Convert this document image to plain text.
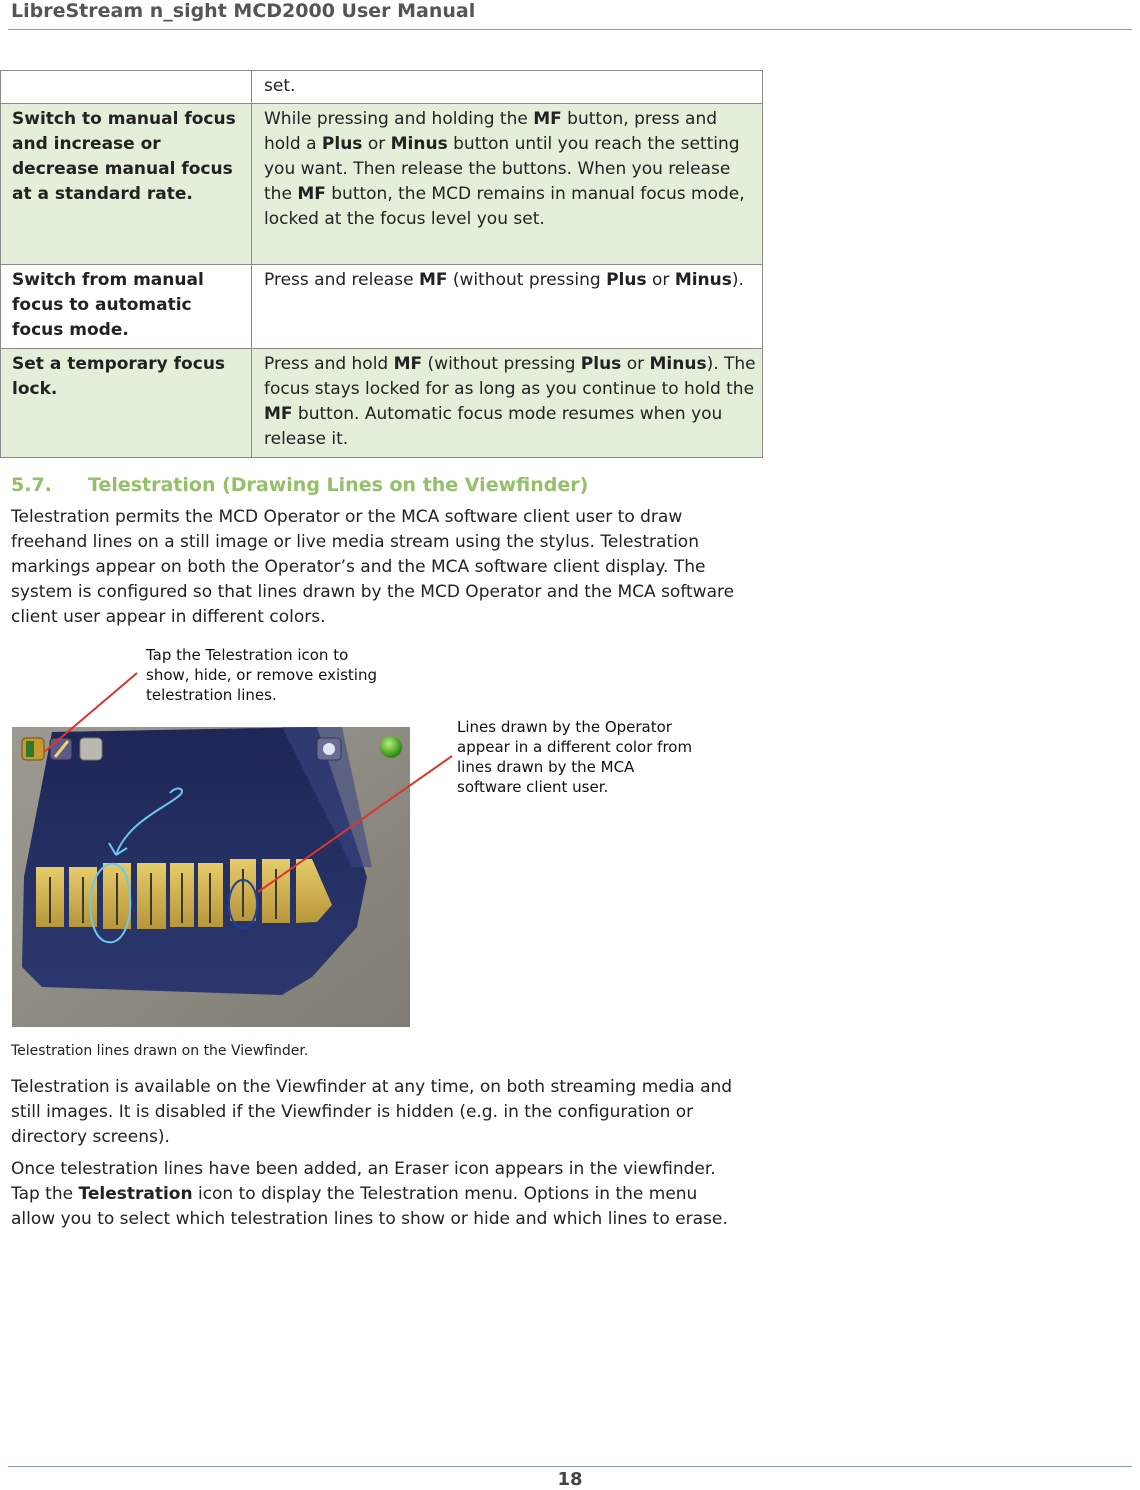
LibreStream n_sight MCD2000 User Manual
	set.
Switch to manual focus and increase or decrease manual focus at a standard rate.	While pressing and holding the MF button, press and hold a Plus or Minus button until you reach the setting you want. Then release the buttons. When you release the MF button, the MCD remains in manual focus mode, locked at the focus level you set.
Switch from manual focus to automatic focus mode.	Press and release MF (without pressing Plus or Minus).
Set a temporary focus lock.	Press and hold MF (without pressing Plus or Minus). The focus stays locked for as long as you continue to hold the MF button. Automatic focus mode resumes when you release it.
5.7. Telestration (Drawing Lines on the Viewfinder)

Telestration permits the MCD Operator or the MCA software client user to draw freehand lines on a still image or live media stream using the stylus. Telestration markings appear on both the Operator’s and the MCA software client display. The system is configured so that lines drawn by the MCD Operator and the MCA software client user appear in different colors.

Tap the Telestration icon to show, hide, or remove existing telestration lines.
Lines drawn by the Operator appear in a different color from lines drawn by the MCA software client user.
Telestration lines drawn on the Viewfinder.

Telestration is available on the Viewfinder at any time, on both streaming media and still images. It is disabled if the Viewfinder is hidden (e.g. in the configuration or directory screens).

Once telestration lines have been added, an Eraser icon appears in the viewfinder. Tap the Telestration icon to display the Telestration menu. Options in the menu allow you to select which telestration lines to show or hide and which lines to erase.

18
